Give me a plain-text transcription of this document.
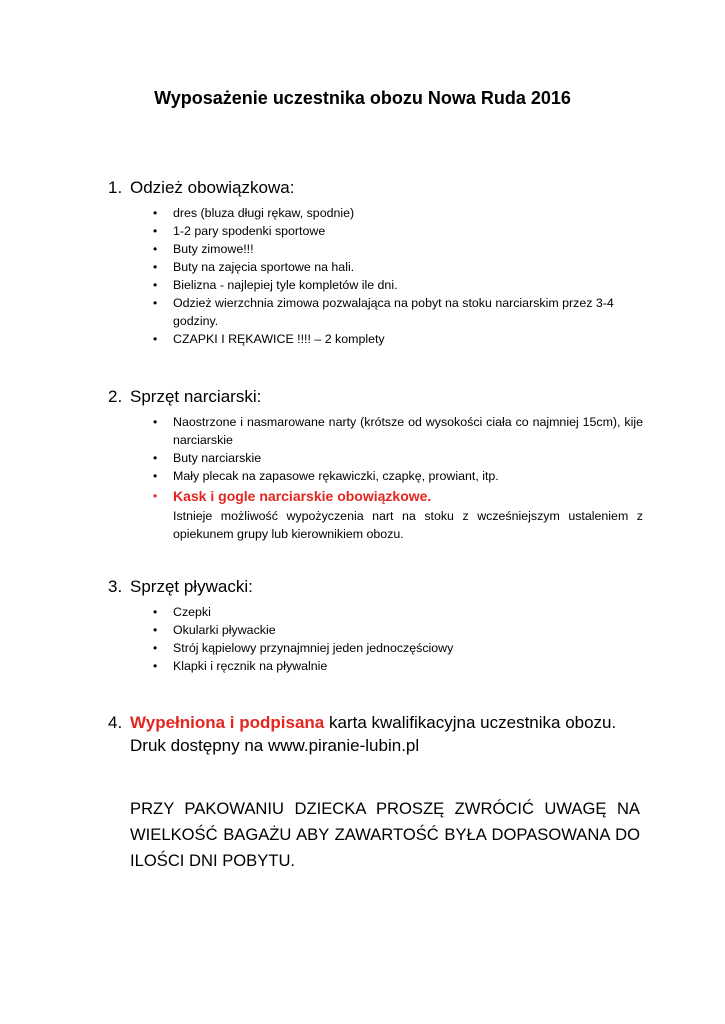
Wyposażenie uczestnika obozu Nowa Ruda 2016
1. Odzież obowiązkowa:
• dres (bluza długi rękaw, spodnie)
• 1-2 pary spodenki sportowe
• Buty zimowe!!!
• Buty na zajęcia sportowe na hali.
• Bielizna - najlepiej tyle kompletów ile dni.
• Odzież wierzchnia zimowa pozwalająca na pobyt na stoku narciarskim przez 3-4 godziny.
• CZAPKI I RĘKAWICE !!!! – 2 komplety
2. Sprzęt narciarski:
• Naostrzone i nasmarowane narty (krótsze od wysokości ciała co najmniej 15cm), kije narciarskie
• Buty narciarskie
• Mały plecak na zapasowe rękawiczki, czapkę, prowiant, itp.
• Kask i gogle narciarskie obowiązkowe.
Istnieje możliwość wypożyczenia nart na stoku z wcześniejszym ustaleniem z opiekunem grupy lub kierownikiem obozu.
3. Sprzęt pływacki:
• Czepki
• Okularki pływackie
• Strój kąpielowy przynajmniej jeden jednoczęściowy
• Klapki i ręcznik na pływalnie
4. Wypełniona i podpisana karta kwalifikacyjna uczestnika obozu.
Druk dostępny na www.piranie-lubin.pl

PRZY PAKOWANIU DZIECKA PROSZĘ ZWRÓCIĆ UWAGĘ NA WIELKOŚĆ BAGAŻU ABY ZAWARTOŚĆ BYŁA DOPASOWANA DO ILOŚCI DNI POBYTU.
